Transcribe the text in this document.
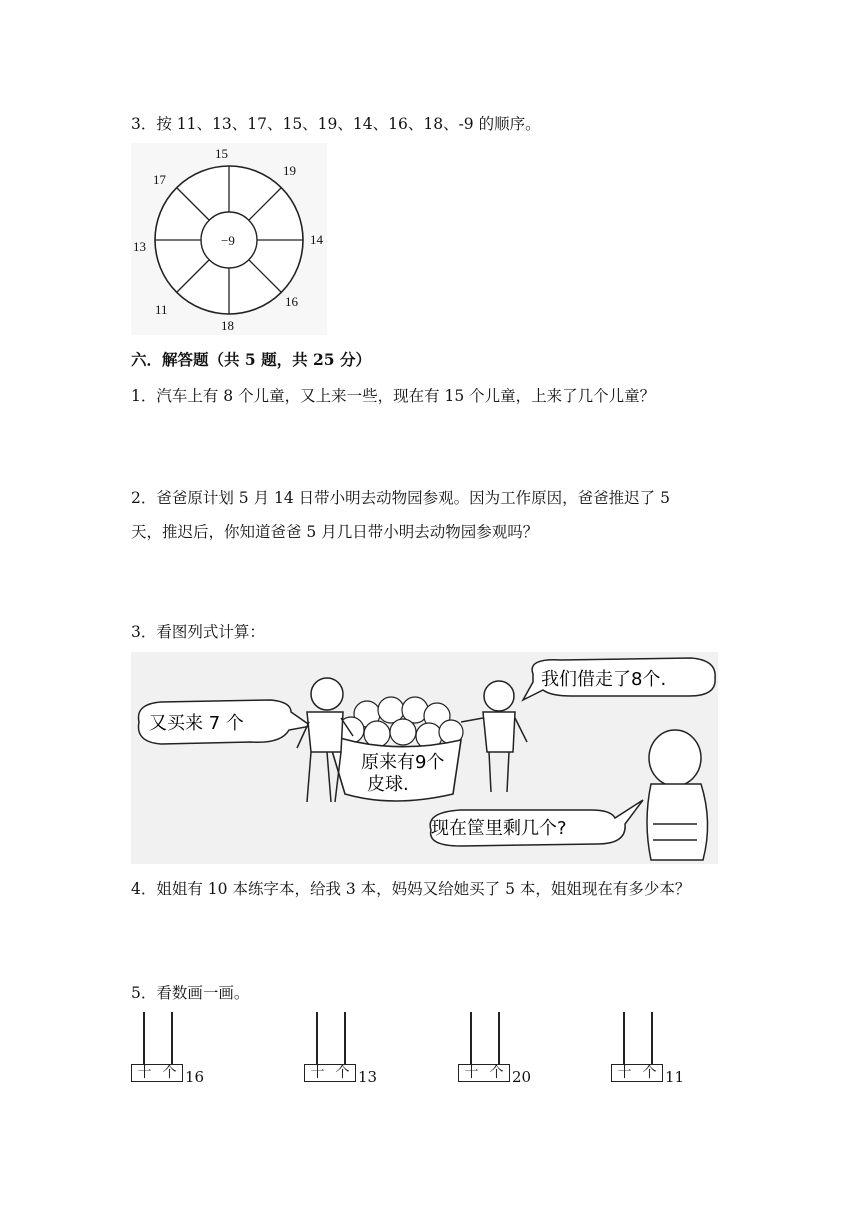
3．按 11、13、17、15、19、14、16、18、-9 的顺序。
−9
15
19
14
16
18
11
13
17
六．解答题（共 5 题，共 25 分）
1．汽车上有 8 个儿童，又上来一些，现在有 15 个儿童，上来了几个儿童？
2．爸爸原计划 5 月 14 日带小明去动物园参观。因为工作原因，爸爸推迟了 5
天，推迟后，你知道爸爸 5 月几日带小明去动物园参观吗？
3．看图列式计算：
又买来 7 个
我们借走了8个.
现在筐里剩几个?
原来有9个
皮球.
4．姐姐有 10 本练字本，给我 3 本，妈妈又给她买了 5 本，姐姐现在有多少本？
5．看数画一画。
十 个 16	十 个 13	十 个 20	十 个 11
